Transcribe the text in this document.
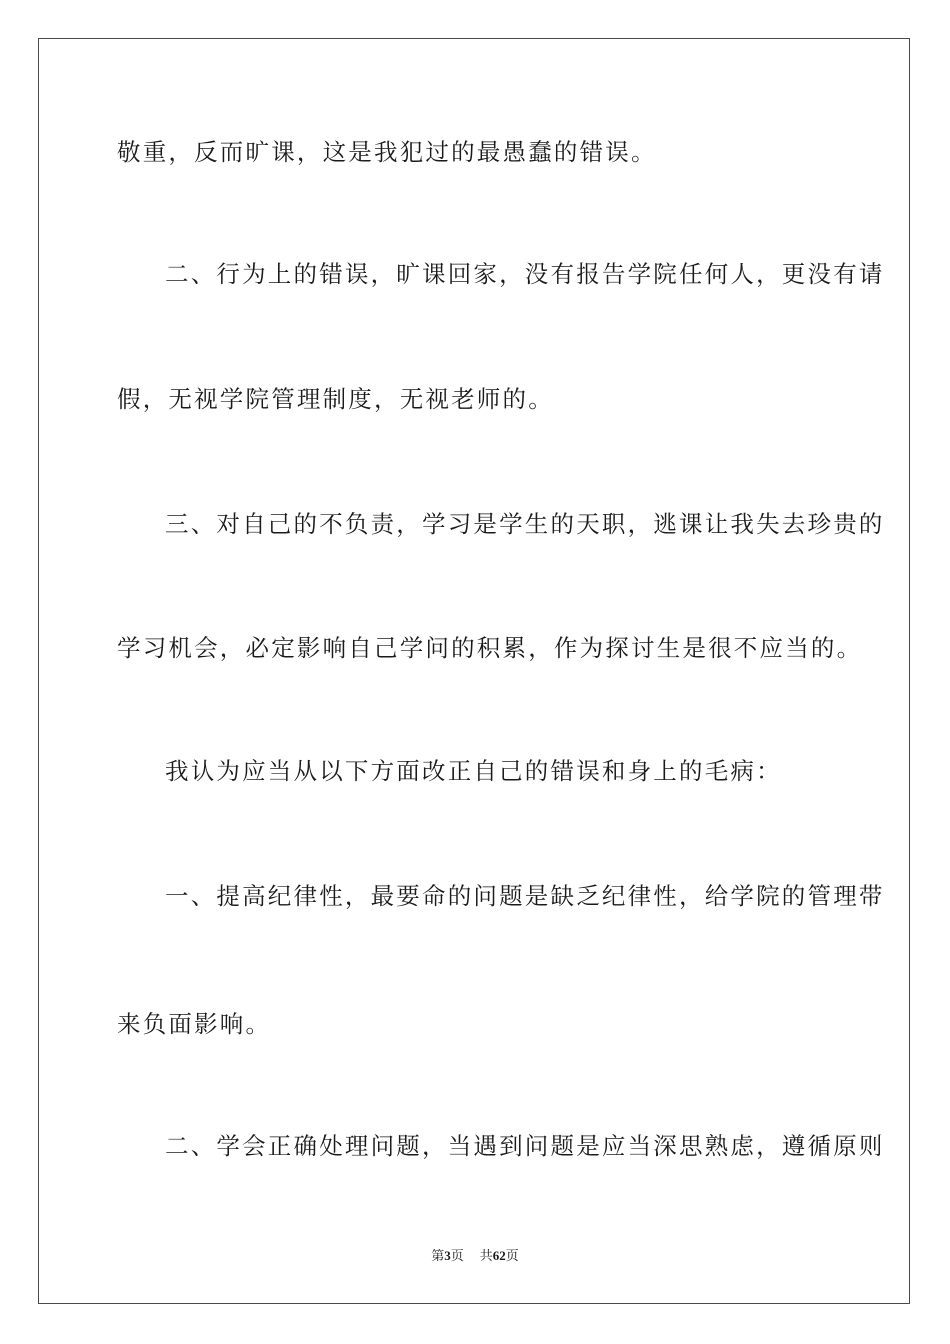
敬重，反而旷课，这是我犯过的最愚蠢的错误。
二、行为上的错误，旷课回家，没有报告学院任何人，更没有请
假，无视学院管理制度，无视老师的。
三、对自己的不负责，学习是学生的天职，逃课让我失去珍贵的
学习机会，必定影响自己学问的积累，作为探讨生是很不应当的。
我认为应当从以下方面改正自己的错误和身上的毛病：
一、提高纪律性，最要命的问题是缺乏纪律性，给学院的管理带
来负面影响。
二、学会正确处理问题，当遇到问题是应当深思熟虑，遵循原则
第3页 共62页
